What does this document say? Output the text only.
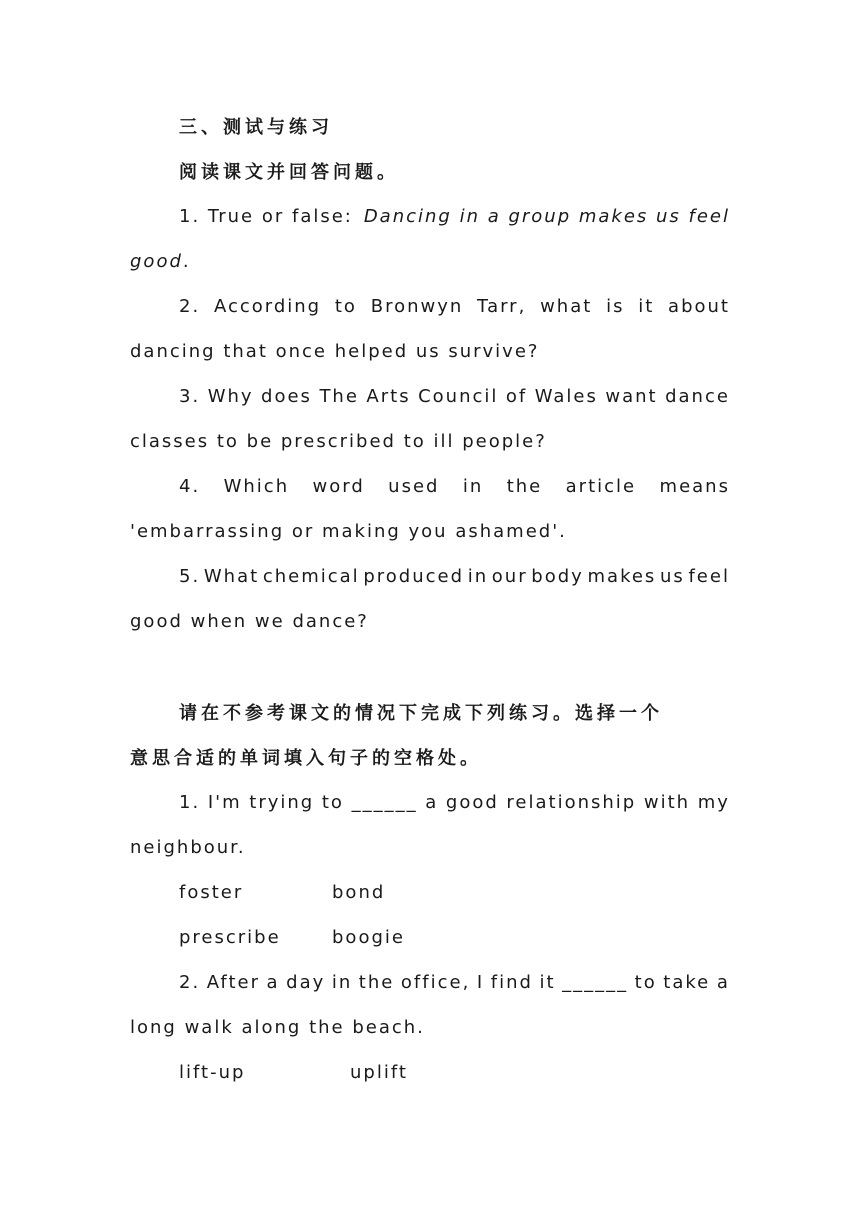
三、测试与练习
阅读课文并回答问题。
1. True or false: Dancing in a group makes us feel
good.
2. According to Bronwyn Tarr, what is it about
dancing that once helped us survive?
3. Why does The Arts Council of Wales want dance
classes to be prescribed to ill people?
4. Which word used in the article means
'embarrassing or making you ashamed'.
5. What chemical produced in our body makes us feel
good when we dance?
请在不参考课文的情况下完成下列练习。选择一个
意思合适的单词填入句子的空格处。
1. I'm trying to ______ a good relationship with my
neighbour.
foster	bond
prescribe	boogie
2. After a day in the office, I find it ______ to take a
long walk along the beach.
lift-up	uplift
